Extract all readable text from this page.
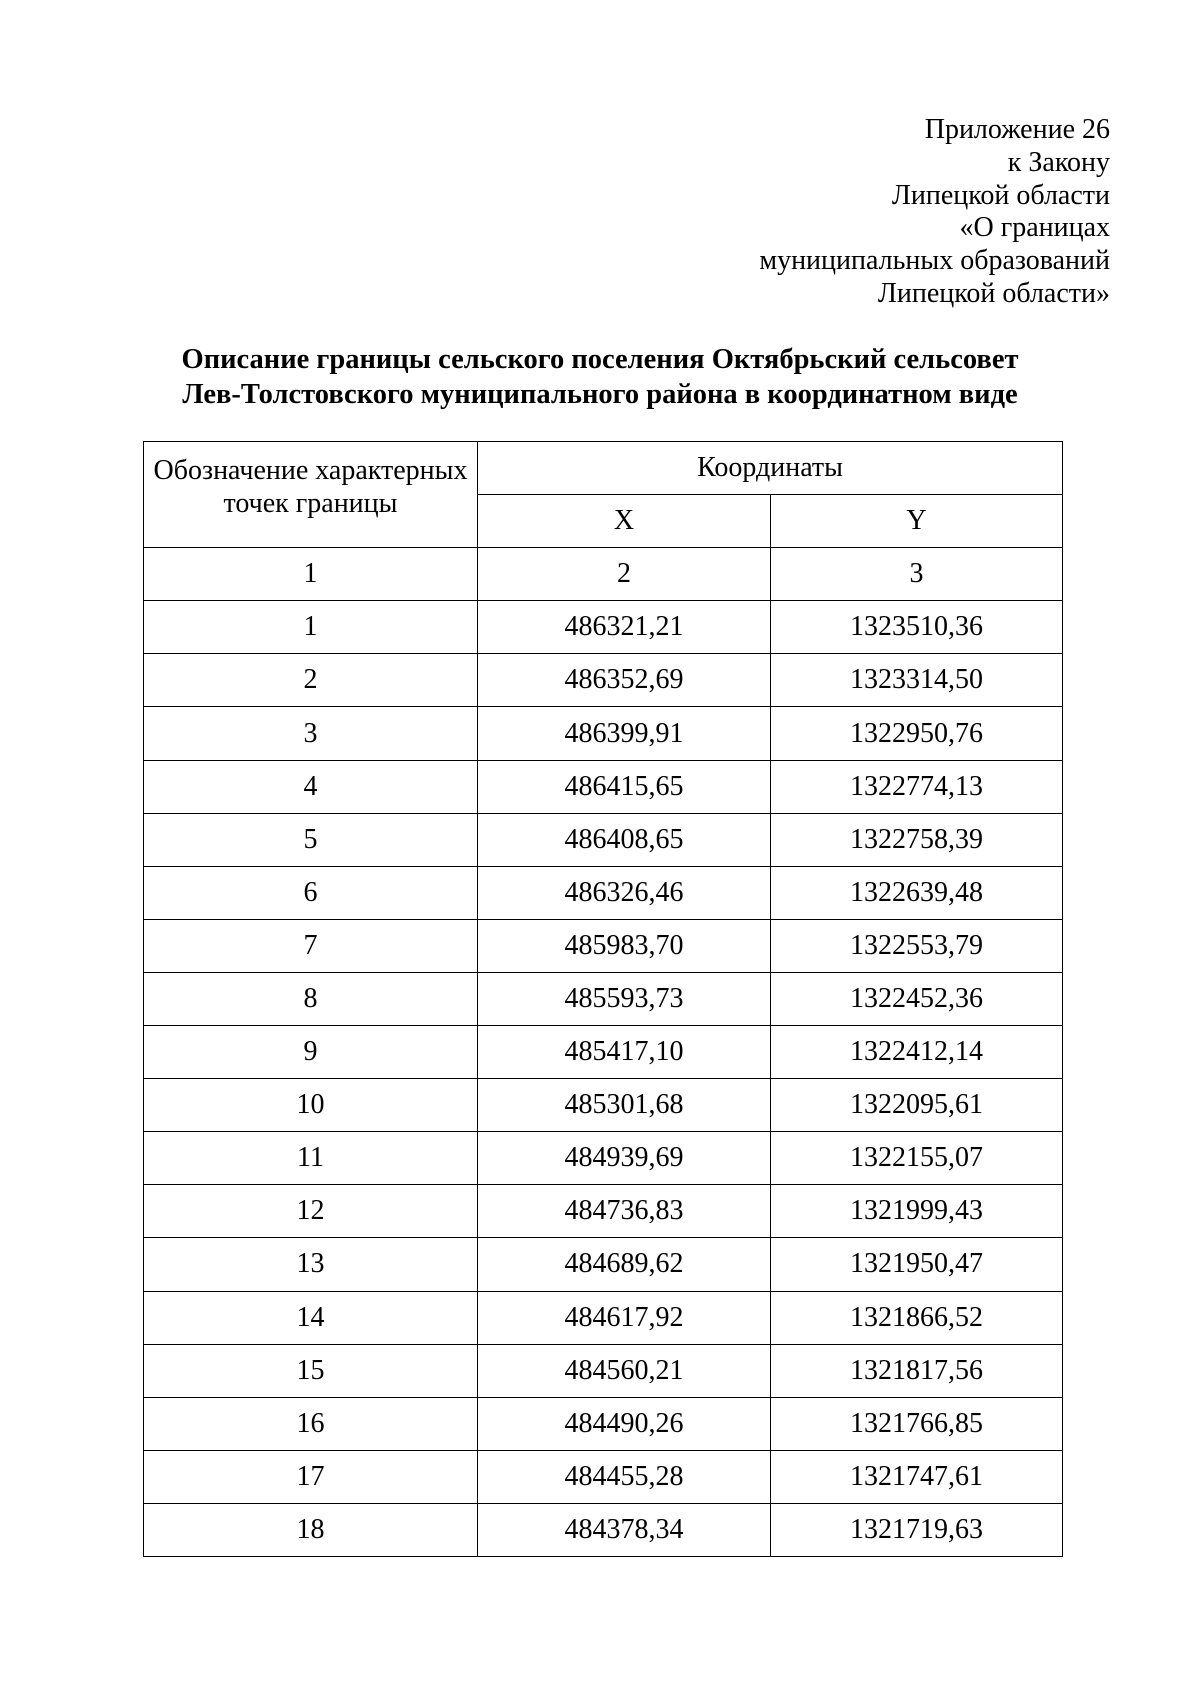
Приложение 26
к Закону
Липецкой области
«О границах
муниципальных образований
Липецкой области»
Описание границы сельского поселения Октябрьский сельсовет
Лев-Толстовского муниципального района в координатном виде
Обозначение характерных точек границы	Координаты	
	X	Y
1	2	3
1	486321,21	1323510,36
2	486352,69	1323314,50
3	486399,91	1322950,76
4	486415,65	1322774,13
5	486408,65	1322758,39
6	486326,46	1322639,48
7	485983,70	1322553,79
8	485593,73	1322452,36
9	485417,10	1322412,14
10	485301,68	1322095,61
11	484939,69	1322155,07
12	484736,83	1321999,43
13	484689,62	1321950,47
14	484617,92	1321866,52
15	484560,21	1321817,56
16	484490,26	1321766,85
17	484455,28	1321747,61
18	484378,34	1321719,63
